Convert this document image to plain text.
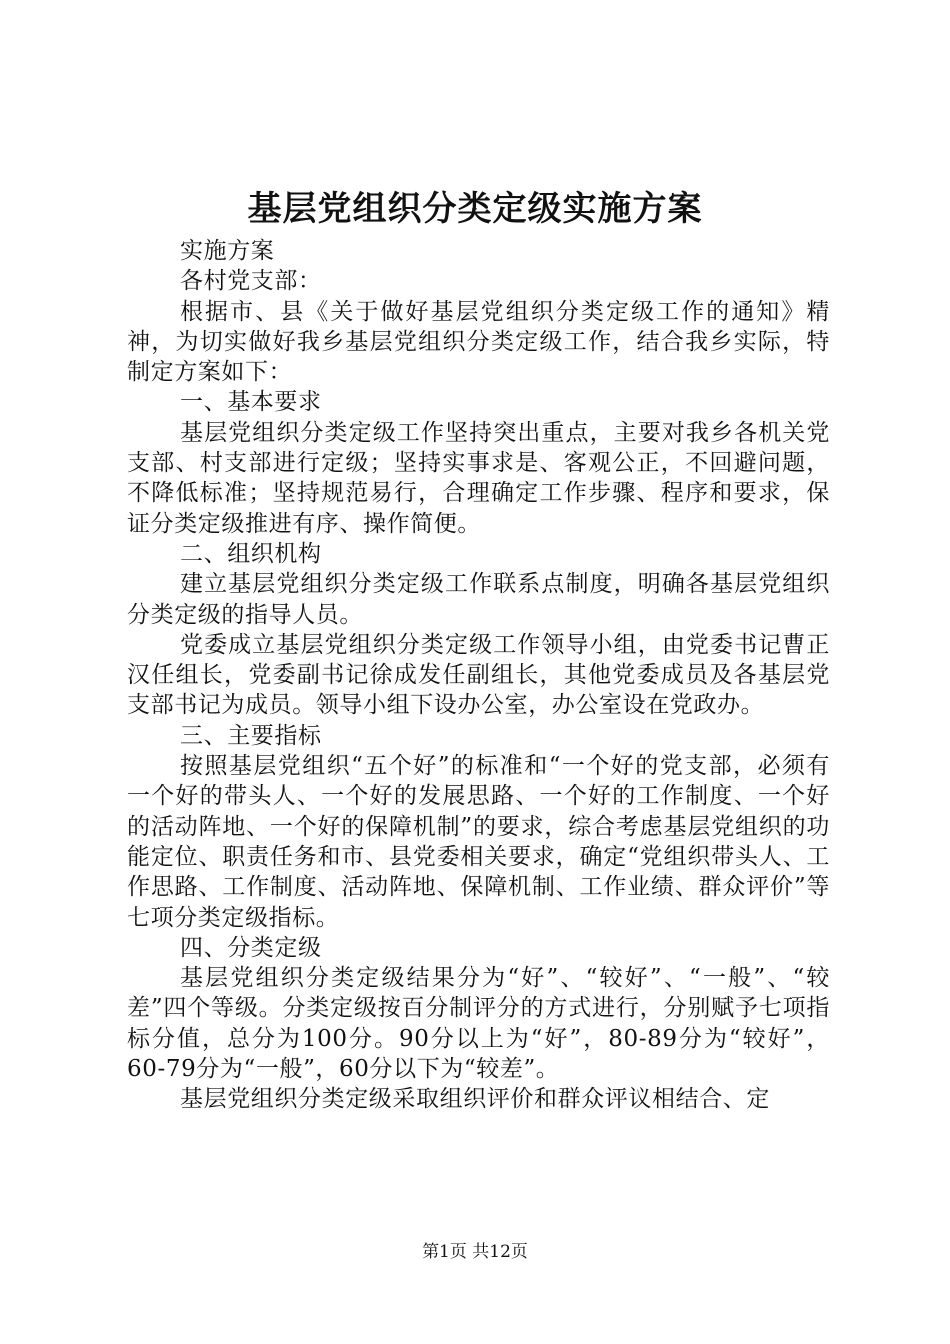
基层党组织分类定级实施方案

实施方案

各村党支部：

根据市、县《关于做好基层党组织分类定级工作的通知》精神，为切实做好我乡基层党组织分类定级工作，结合我乡实际，特制定方案如下：

一、基本要求

基层党组织分类定级工作坚持突出重点，主要对我乡各机关党支部、村支部进行定级；坚持实事求是、客观公正，不回避问题，不降低标准；坚持规范易行，合理确定工作步骤、程序和要求，保证分类定级推进有序、操作简便。

二、组织机构

建立基层党组织分类定级工作联系点制度，明确各基层党组织分类定级的指导人员。

党委成立基层党组织分类定级工作领导小组，由党委书记曹正汉任组长，党委副书记徐成发任副组长，其他党委成员及各基层党支部书记为成员。领导小组下设办公室，办公室设在党政办。

三、主要指标

按照基层党组织“五个好”的标准和“一个好的党支部，必须有一个好的带头人、一个好的发展思路、一个好的工作制度、一个好的活动阵地、一个好的保障机制”的要求，综合考虑基层党组织的功能定位、职责任务和市、县党委相关要求，确定“党组织带头人、工作思路、工作制度、活动阵地、保障机制、工作业绩、群众评价”等七项分类定级指标。

四、分类定级

基层党组织分类定级结果分为“好”、“较好”、“一般”、“较差”四个等级。分类定级按百分制评分的方式进行，分别赋予七项指标分值，总分为100分。90分以上为“好”，80-89分为“较好”，60-79分为“一般”，60分以下为“较差”。

基层党组织分类定级采取组织评价和群众评议相结合、定

第1页 共12页
